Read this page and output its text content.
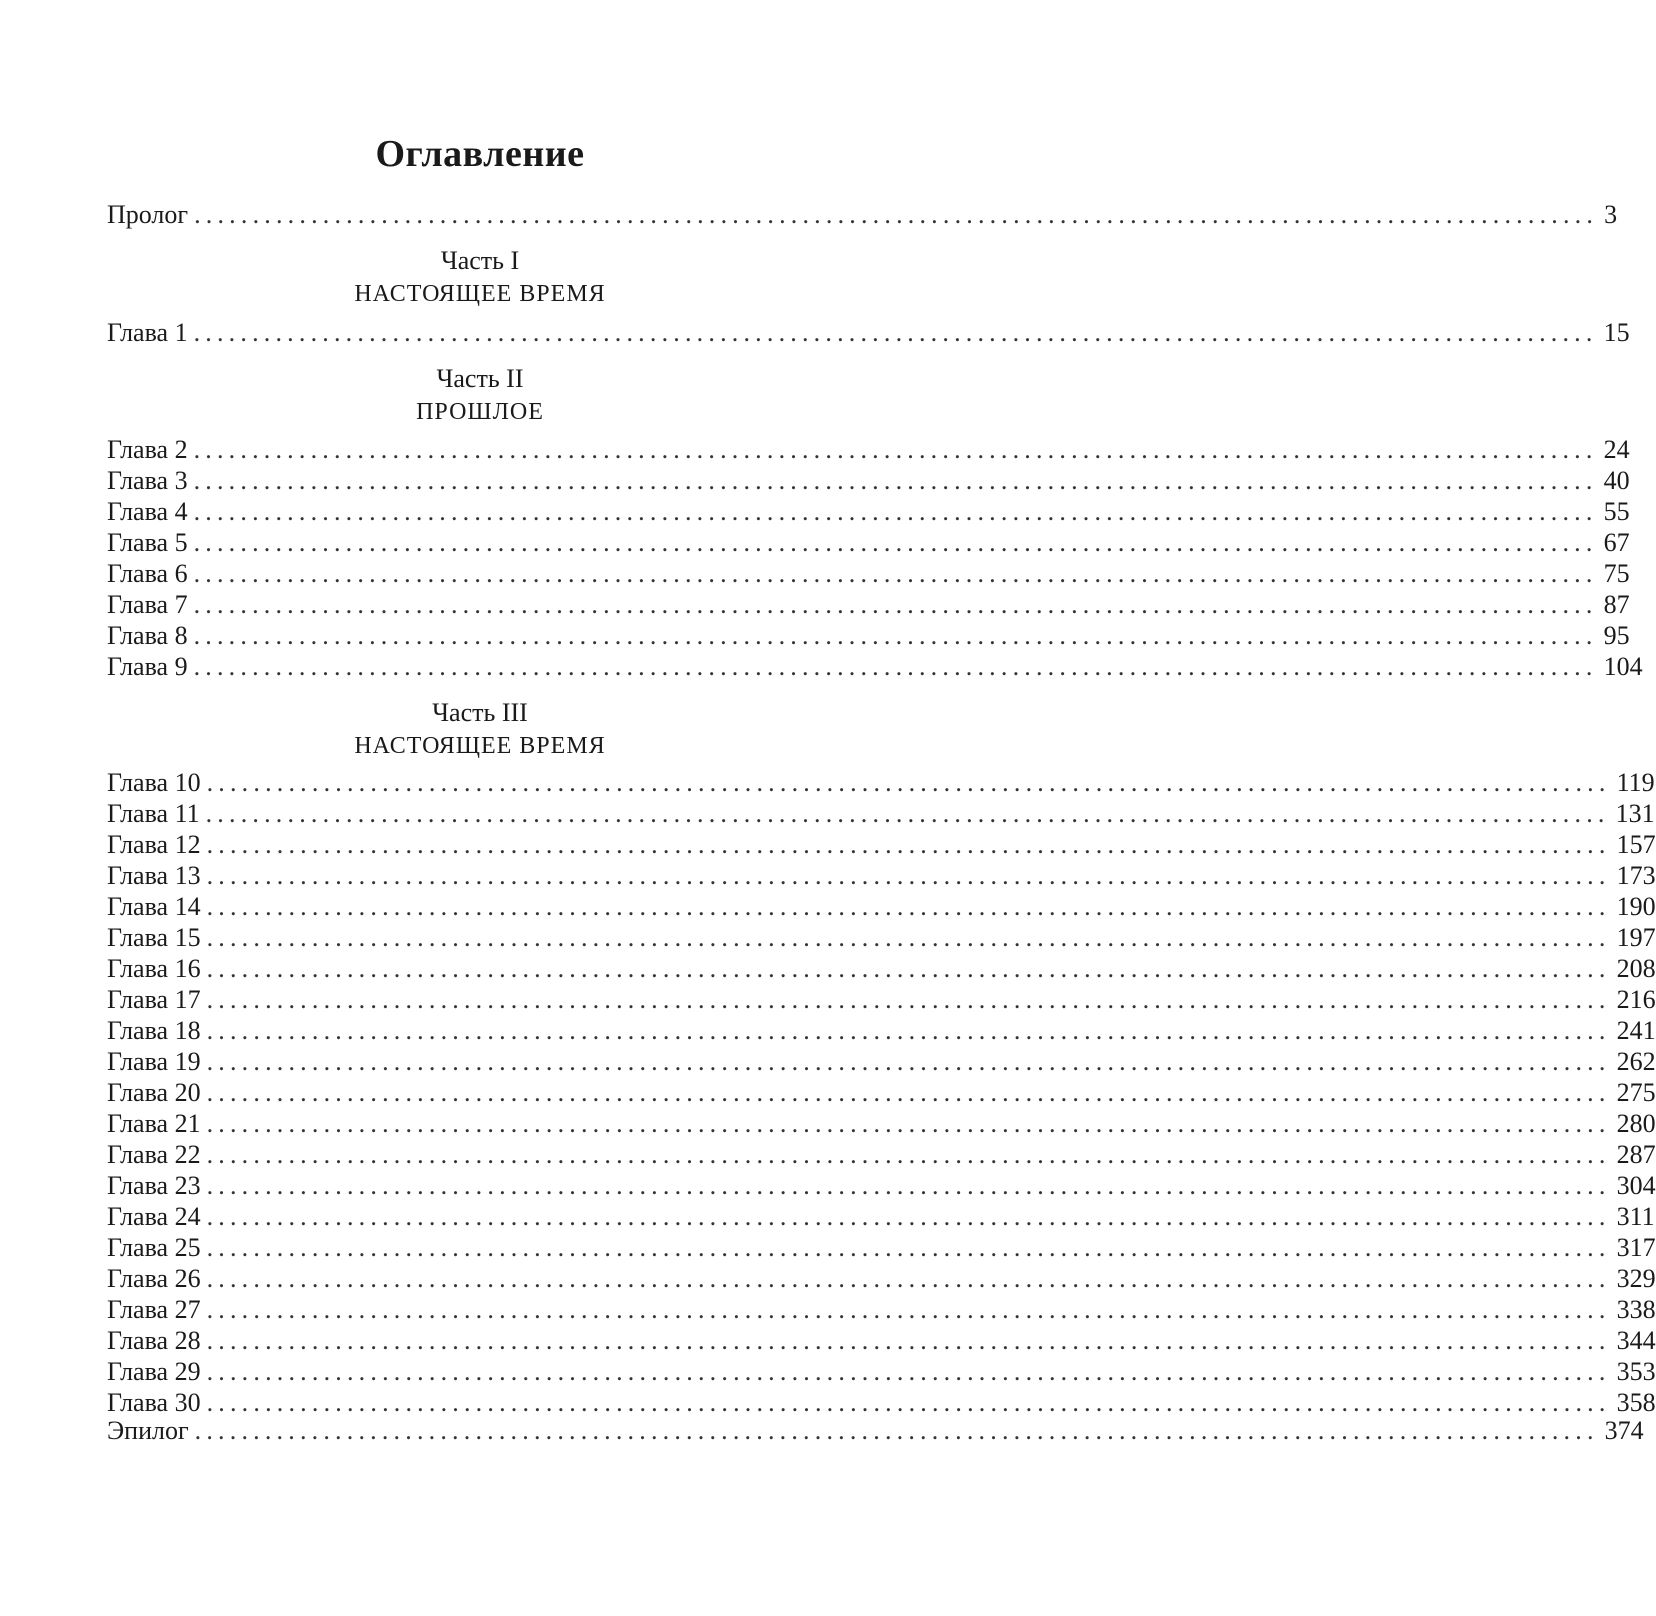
Оглавление
Пролог ........................................................................................................................ 3
Часть I
НАСТОЯЩЕЕ ВРЕМЯ
Глава 1 ........................................................................................................................ 15
Часть II
ПРОШЛОЕ
Глава 2 ........................................................................................................................ 24
Глава 3 ........................................................................................................................ 40
Глава 4 ........................................................................................................................ 55
Глава 5 ........................................................................................................................ 67
Глава 6 ........................................................................................................................ 75
Глава 7 ........................................................................................................................ 87
Глава 8 ........................................................................................................................ 95
Глава 9 ........................................................................................................................ 104
Часть III
НАСТОЯЩЕЕ ВРЕМЯ
Глава 10 ........................................................................................................................ 119
Глава 11 ........................................................................................................................ 131
Глава 12 ........................................................................................................................ 157
Глава 13 ........................................................................................................................ 173
Глава 14 ........................................................................................................................ 190
Глава 15 ........................................................................................................................ 197
Глава 16 ........................................................................................................................ 208
Глава 17 ........................................................................................................................ 216
Глава 18 ........................................................................................................................ 241
Глава 19 ........................................................................................................................ 262
Глава 20 ........................................................................................................................ 275
Глава 21 ........................................................................................................................ 280
Глава 22 ........................................................................................................................ 287
Глава 23 ........................................................................................................................ 304
Глава 24 ........................................................................................................................ 311
Глава 25 ........................................................................................................................ 317
Глава 26 ........................................................................................................................ 329
Глава 27 ........................................................................................................................ 338
Глава 28 ........................................................................................................................ 344
Глава 29 ........................................................................................................................ 353
Глава 30 ........................................................................................................................ 358
Эпилог ........................................................................................................................ 374
